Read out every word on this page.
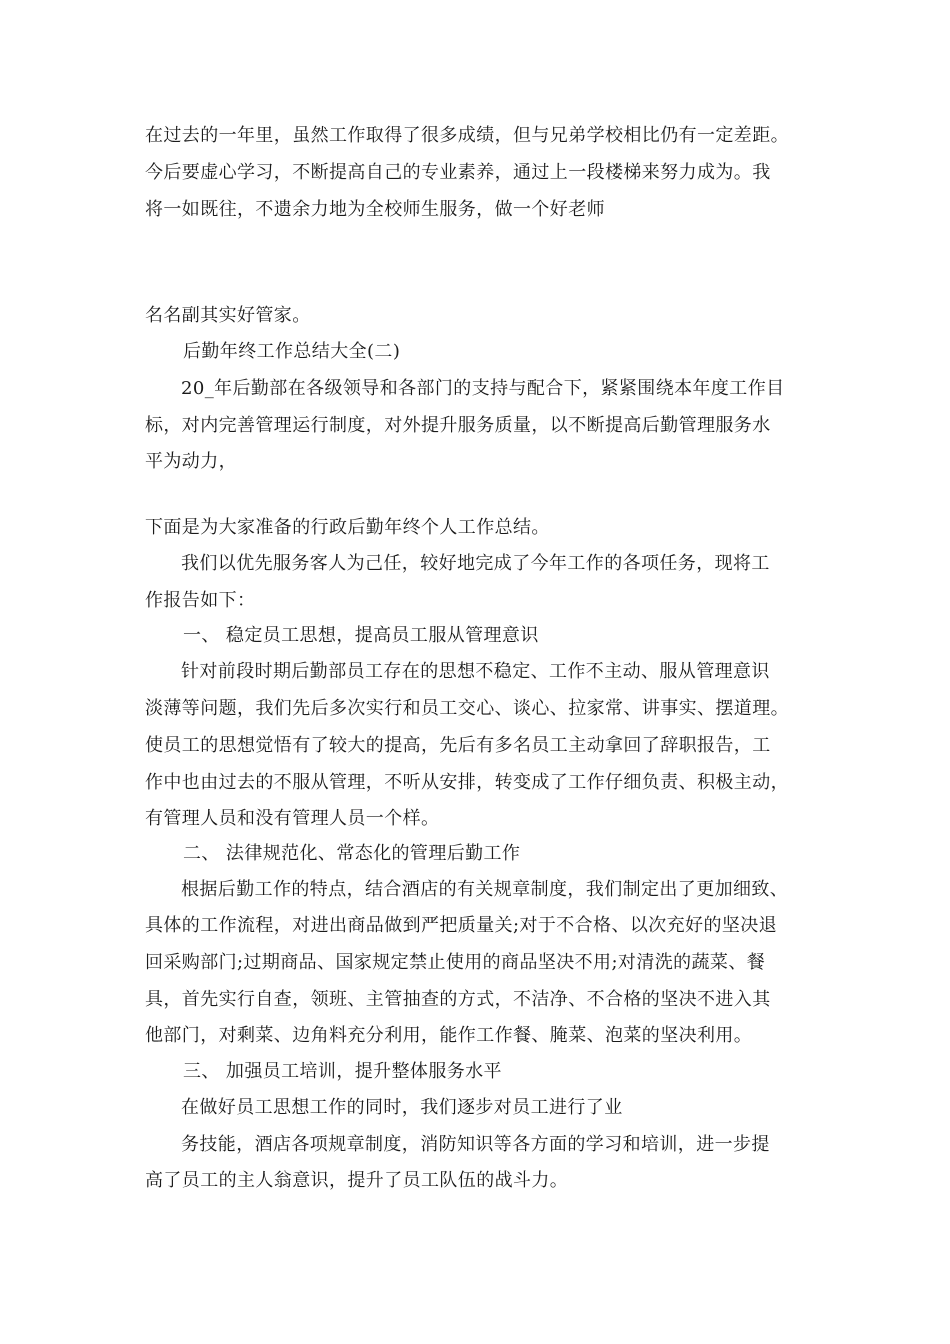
在过去的一年里，虽然工作取得了很多成绩，但与兄弟学校相比仍有一定差距。
今后要虚心学习，不断提高自己的专业素养，通过上一段楼梯来努力成为。我
将一如既往，不遗余力地为全校师生服务，做一个好老师
名名副其实好管家。
后勤年终工作总结大全(二)
20_年后勤部在各级领导和各部门的支持与配合下，紧紧围绕本年度工作目
标，对内完善管理运行制度，对外提升服务质量，以不断提高后勤管理服务水
平为动力，
下面是为大家准备的行政后勤年终个人工作总结。
我们以优先服务客人为己任，较好地完成了今年工作的各项任务，现将工
作报告如下：
一、 稳定员工思想，提高员工服从管理意识
针对前段时期后勤部员工存在的思想不稳定、工作不主动、服从管理意识
淡薄等问题，我们先后多次实行和员工交心、谈心、拉家常、讲事实、摆道理。
使员工的思想觉悟有了较大的提高，先后有多名员工主动拿回了辞职报告，工
作中也由过去的不服从管理，不听从安排，转变成了工作仔细负责、积极主动，
有管理人员和没有管理人员一个样。
二、 法律规范化、常态化的管理后勤工作
根据后勤工作的特点，结合酒店的有关规章制度，我们制定出了更加细致、
具体的工作流程，对进出商品做到严把质量关;对于不合格、以次充好的坚决退
回采购部门;过期商品、国家规定禁止使用的商品坚决不用;对清洗的蔬菜、餐
具，首先实行自查，领班、主管抽查的方式，不洁净、不合格的坚决不进入其
他部门，对剩菜、边角料充分利用，能作工作餐、腌菜、泡菜的坚决利用。
三、 加强员工培训，提升整体服务水平
在做好员工思想工作的同时，我们逐步对员工进行了业
务技能，酒店各项规章制度，消防知识等各方面的学习和培训，进一步提
高了员工的主人翁意识，提升了员工队伍的战斗力。
